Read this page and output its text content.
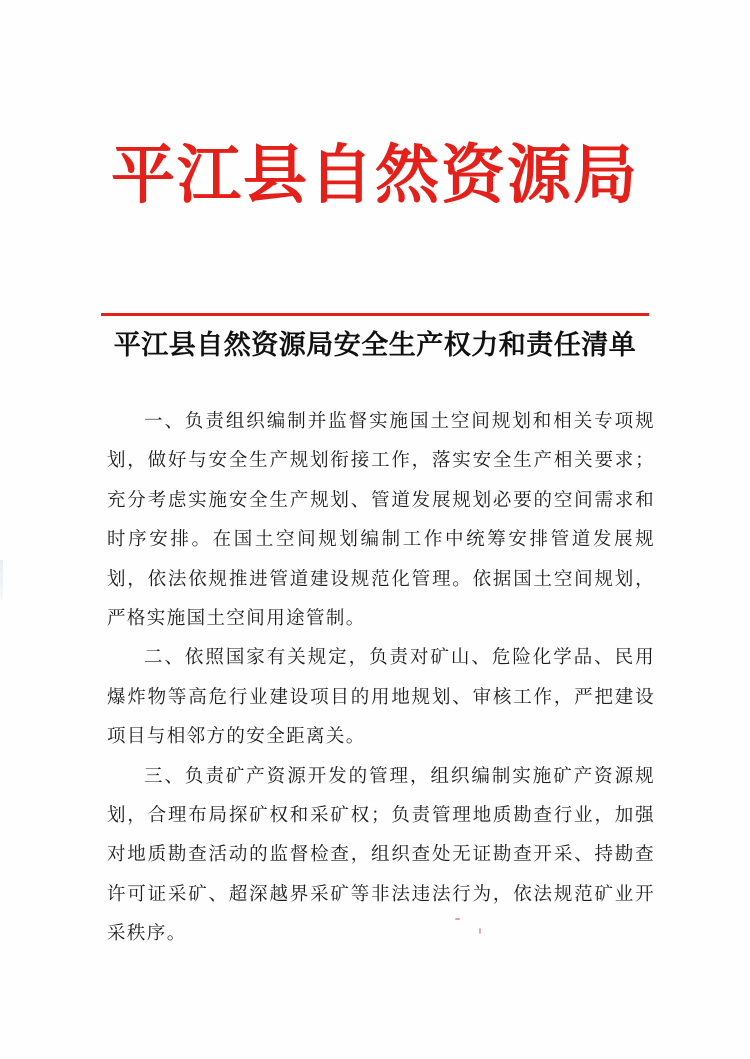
平江县自然资源局
平江县自然资源局安全生产权力和责任清单

一、负责组织编制并监督实施国土空间规划和相关专项规划，做好与安全生产规划衔接工作，落实安全生产相关要求；充分考虑实施安全生产规划、管道发展规划必要的空间需求和时序安排。在国土空间规划编制工作中统筹安排管道发展规划，依法依规推进管道建设规范化管理。依据国土空间规划，严格实施国土空间用途管制。

二、依照国家有关规定，负责对矿山、危险化学品、民用爆炸物等高危行业建设项目的用地规划、审核工作，严把建设项目与相邻方的安全距离关。

三、负责矿产资源开发的管理，组织编制实施矿产资源规划，合理布局探矿权和采矿权；负责管理地质勘查行业，加强对地质勘查活动的监督检查，组织查处无证勘查开采、持勘查许可证采矿、超深越界采矿等非法违法行为，依法规范矿业开采秩序。
